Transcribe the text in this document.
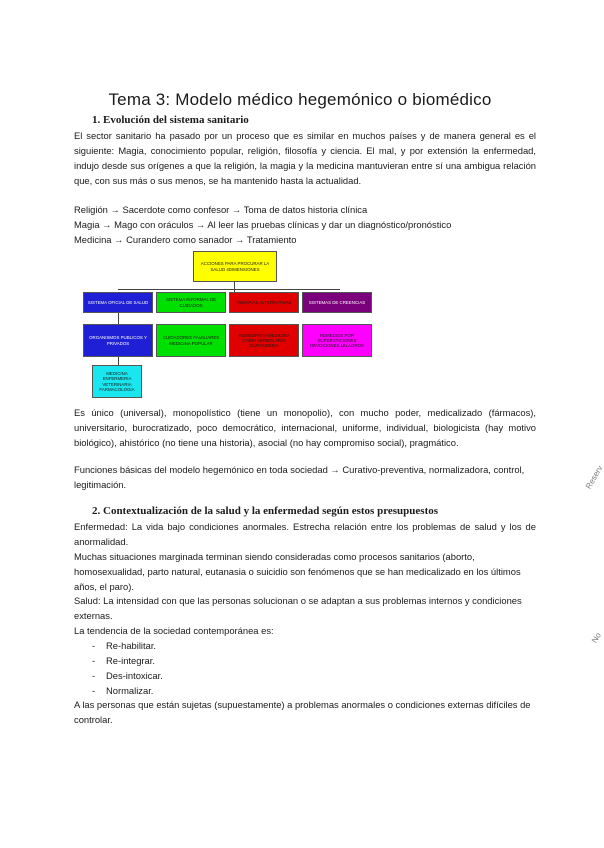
Tema 3: Modelo médico hegemónico o biomédico
1. Evolución del sistema sanitario

El sector sanitario ha pasado por un proceso que es similar en muchos países y de manera general es el siguiente: Magia, conocimiento popular, religión, filosofía y ciencia. El mal, y por extensión la enfermedad, indujo desde sus orígenes a que la religión, la magia y la medicina mantuvieran entre sí una ambigua relación que, con sus más o sus menos, se ha mantenido hasta la actualidad.

Religión → Sacerdote como confesor → Toma de datos historia clínica
Magia → Mago con oráculos → Al leer las pruebas clínicas y dar un diagnóstico/pronóstico
Medicina → Curandero como sanador → Tratamiento
ACCIONES PARA PROCURAR LA SALUD 4DIMENSIONES
SISTEMA OFICIAL DE SALUD
SISTEMA INFORMAL DE CUIDADOS
TERAPIAS ALTERNATIVAS	SISTEMAS DE CREENCIAS
ORGANISMOS PUBLICOS Y PRIVADOS
CUIDADORES FAMILIARES MEDICINA POPULAR
HOMEOPATIA MEDICINA CHINA HERBOLARIO CURANDERA
REMEDIOS POR SUPERSTICIONES DEVOCIONES MILAGROS
MEDICINA ENFERMERIA VETERINARIA FARMACOLOGIA

Es único (universal), monopolístico (tiene un monopolio), con mucho poder, medicalizado (fármacos), universitario, burocratizado, poco democrático, internacional, uniforme, individual, biologicista (hay motivo biológico), ahistórico (no tiene una historia), asocial (no hay compromiso social), pragmático.

Funciones básicas del modelo hegemónico en toda sociedad → Curativo-preventiva, normalizadora, control, legitimación.

2. Contextualización de la salud y la enfermedad según estos presupuestos

Enfermedad: La vida bajo condiciones anormales. Estrecha relación entre los problemas de salud y los de anormalidad.

Muchas situaciones marginada terminan siendo consideradas como procesos sanitarios (aborto, homosexualidad, parto natural, eutanasia o suicidio son fenómenos que se han medicalizado en los últimos años, el paro).

Salud: La intensidad con que las personas solucionan o se adaptan a sus problemas internos y condiciones externas.

La tendencia de la sociedad contemporánea es:
- Re-habilitar.
- Re-integrar.
- Des-intoxicar.
- Normalizar.

A las personas que están sujetas (supuestamente) a problemas anormales o condiciones externas difíciles de controlar.

Reserv
No
